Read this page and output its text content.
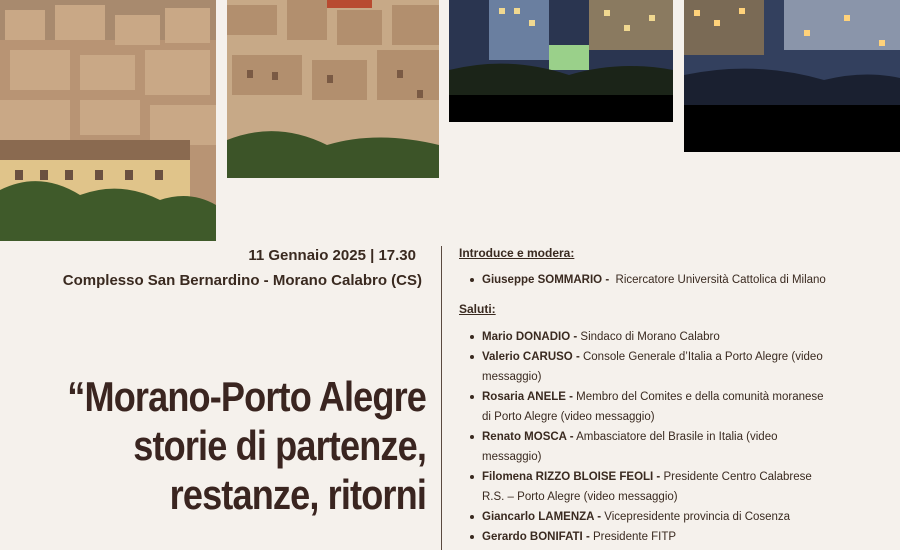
11 Gennaio 2025 | 17.30
Complesso San Bernardino - Morano Calabro (CS)
“Morano-Porto Alegre
storie di partenze,
restanze, ritorni
Introduce e modera:
Giuseppe SOMMARIO - Ricercatore Università Cattolica di Milano
Saluti:
Mario DONADIO - Sindaco di Morano Calabro
Valerio CARUSO - Console Generale d’Italia a Porto Alegre (video messaggio)
Rosaria ANELE - Membro del Comites e della comunità moranese di Porto Alegre (video messaggio)
Renato MOSCA - Ambasciatore del Brasile in Italia (video messaggio)
Filomena RIZZO BLOISE FEOLI - Presidente Centro Calabrese R.S. – Porto Alegre (video messaggio)
Giancarlo LAMENZA - Vicepresidente provincia di Cosenza
Gerardo BONIFATI - Presidente FITP
